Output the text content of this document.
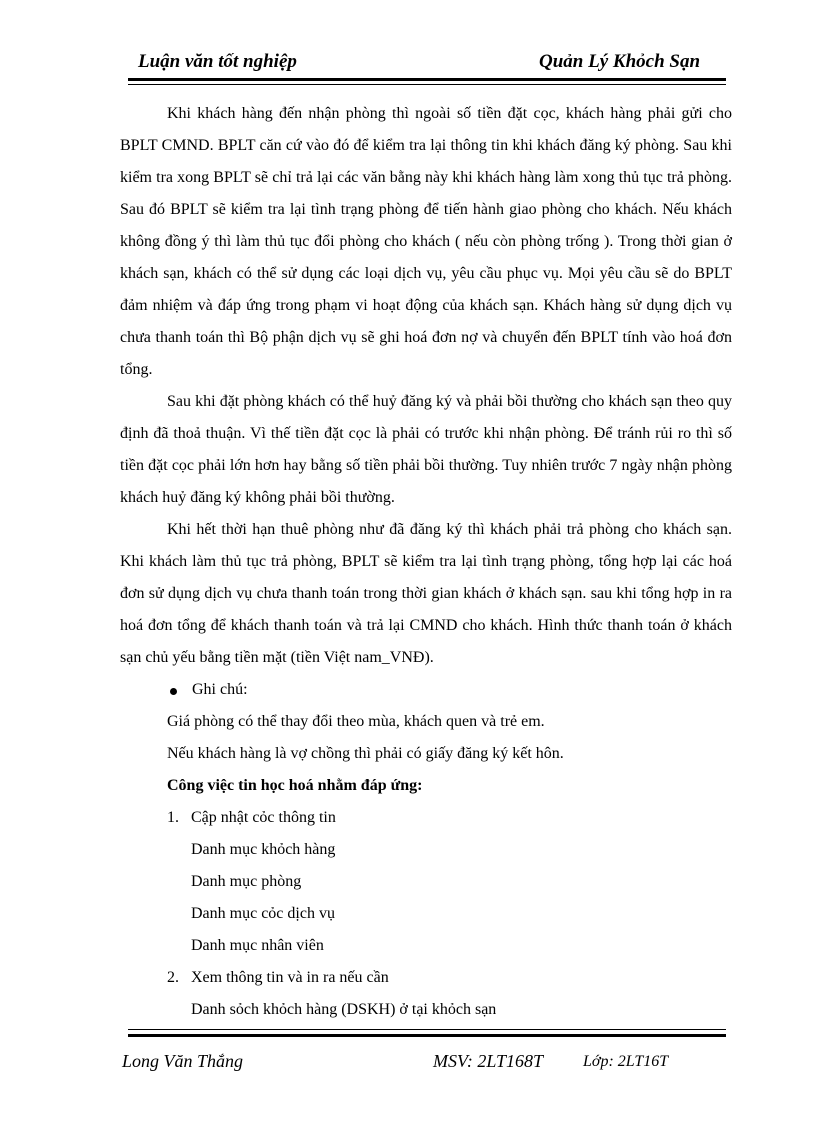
Luận văn tốt nghiệp	Quản Lý Khỏch Sạn

Khi khách hàng đến nhận phòng thì ngoài số tiền đặt cọc, khách hàng phải gửi cho BPLT CMND. BPLT căn cứ vào đó để kiểm tra lại thông tin khi khách đăng ký phòng. Sau khi kiểm tra xong BPLT sẽ chỉ trả lại các văn bằng này khi khách hàng làm xong thủ tục trả phòng. Sau đó BPLT sẽ kiểm tra lại tình trạng phòng để tiến hành giao phòng cho khách. Nếu khách không đồng ý thì làm thủ tục đổi phòng cho khách ( nếu còn phòng trống ). Trong thời gian ở khách sạn, khách có thể sử dụng các loại dịch vụ, yêu cầu phục vụ. Mọi yêu cầu sẽ do BPLT đảm nhiệm và đáp ứng trong phạm vi hoạt động của khách sạn. Khách hàng sử dụng dịch vụ chưa thanh toán thì Bộ phận dịch vụ sẽ ghi hoá đơn nợ và chuyển đến BPLT tính vào hoá đơn tổng.

Sau khi đặt phòng khách có thể huỷ đăng ký và phải bồi thường cho khách sạn theo quy định đã thoả thuận. Vì thế tiền đặt cọc là phải có trước khi nhận phòng. Để tránh rủi ro thì số tiền đặt cọc phải lớn hơn hay bằng số tiền phải bồi thường. Tuy nhiên trước 7 ngày nhận phòng khách huỷ đăng ký không phải bồi thường.

Khi hết thời hạn thuê phòng như đã đăng ký thì khách phải trả phòng cho khách sạn. Khi khách làm thủ tục trả phòng, BPLT sẽ kiểm tra lại tình trạng phòng, tổng hợp lại các hoá đơn sử dụng dịch vụ chưa thanh toán trong thời gian khách ở khách sạn. sau khi tổng hợp in ra hoá đơn tổng để khách thanh toán và trả lại CMND cho khách. Hình thức thanh toán ở khách sạn chủ yếu bằng tiền mặt (tiền Việt nam_VNĐ).

Ghi chú:

Giá phòng có thể thay đổi theo mùa, khách quen và trẻ em.

Nếu khách hàng là vợ chồng thì phải có giấy đăng ký kết hôn.

Công việc tin học hoá nhằm đáp ứng:

1. Cập nhật cỏc thông tin

Danh mục khỏch hàng

Danh mục phòng

Danh mục cỏc dịch vụ

Danh mục nhân viên

2. Xem thông tin và in ra nếu cần

Danh sỏch khỏch hàng (DSKH) ở tại khỏch sạn

Long Văn Thắng	MSV: 2LT168T	Lớp: 2LT16T
